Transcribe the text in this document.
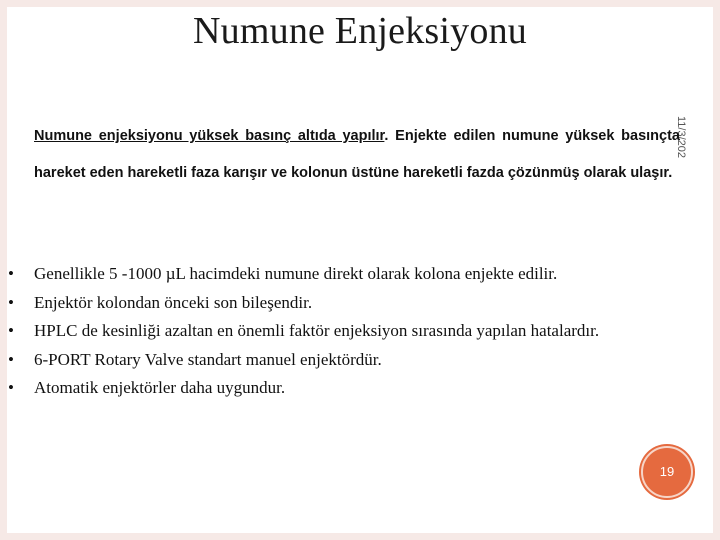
Numune Enjeksiyonu
11/3/202
Numune enjeksiyonu yüksek basınç altıda yapılır. Enjekte edilen numune yüksek basınçta hareket eden hareketli faza karışır ve kolonun üstüne hareketli fazda çözünmüş olarak ulaşır.
• Genellikle 5 -1000 µL hacimdeki numune direkt olarak kolona enjekte edilir.
• Enjektör kolondan önceki son bileşendir.
• HPLC de kesinliği azaltan en önemli faktör enjeksiyon sırasında yapılan hatalardır.
• 6-PORT Rotary Valve standart manuel enjektördür.
• Atomatik enjektörler daha uygundur.
19
